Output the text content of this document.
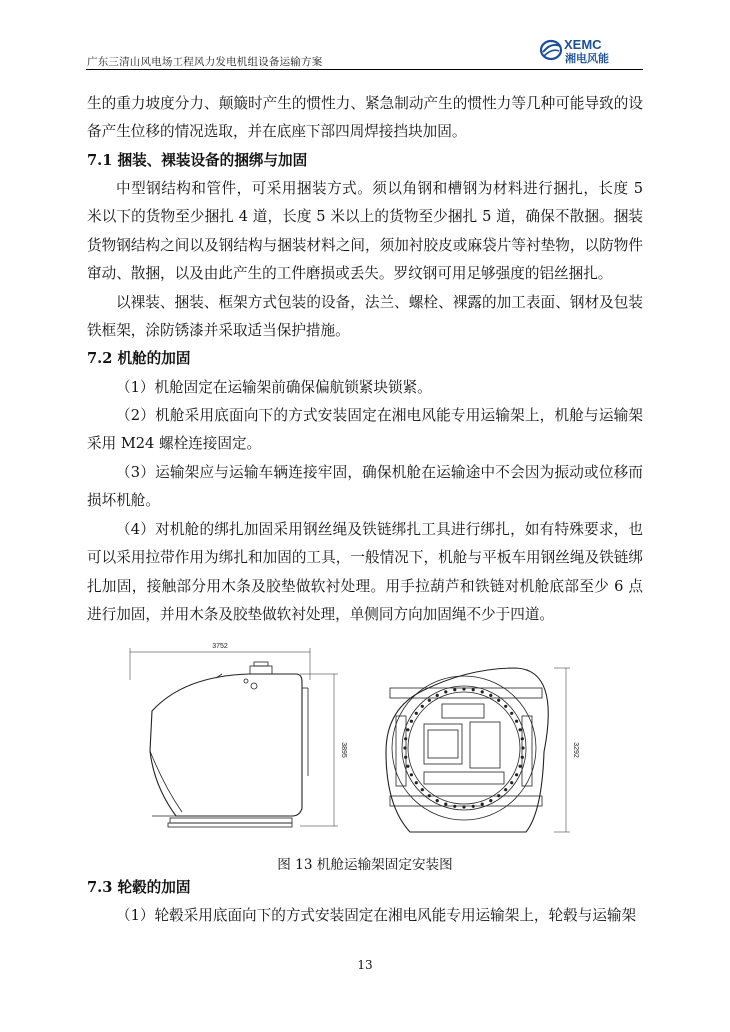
广东三清山风电场工程风力发电机组设备运输方案
XEMC
湘电风能

生的重力坡度分力、颠簸时产生的惯性力、紧急制动产生的惯性力等几种可能导致的设备产生位移的情况选取，并在底座下部四周焊接挡块加固。

7.1 捆装、裸装设备的捆绑与加固

中型钢结构和管件，可采用捆装方式。须以角钢和槽钢为材料进行捆扎，长度 5 米以下的货物至少捆扎 4 道，长度 5 米以上的货物至少捆扎 5 道，确保不散捆。捆装货物钢结构之间以及钢结构与捆装材料之间，须加衬胶皮或麻袋片等衬垫物，以防物件窜动、散捆，以及由此产生的工件磨损或丢失。罗纹钢可用足够强度的铝丝捆扎。

以裸装、捆装、框架方式包装的设备，法兰、螺栓、裸露的加工表面、钢材及包装铁框架，涂防锈漆并采取适当保护措施。

7.2 机舱的加固

（1）机舱固定在运输架前确保偏航锁紧块锁紧。

（2）机舱采用底面向下的方式安装固定在湘电风能专用运输架上，机舱与运输架采用 M24 螺栓连接固定。

（3）运输架应与运输车辆连接牢固，确保机舱在运输途中不会因为振动或位移而损坏机舱。

（4）对机舱的绑扎加固采用钢丝绳及铁链绑扎工具进行绑扎，如有特殊要求，也可以采用拉带作用为绑扎和加固的工具，一般情况下，机舱与平板车用钢丝绳及铁链绑扎加固，接触部分用木条及胶垫做软衬处理。用手拉葫芦和铁链对机舱底部至少 6 点进行加固，并用木条及胶垫做软衬处理，单侧同方向加固绳不少于四道。

3752
3895	3292
图 13 机舱运输架固定安装图
7.3 轮毂的加固

（1）轮毂采用底面向下的方式安装固定在湘电风能专用运输架上，轮毂与运输架

13
